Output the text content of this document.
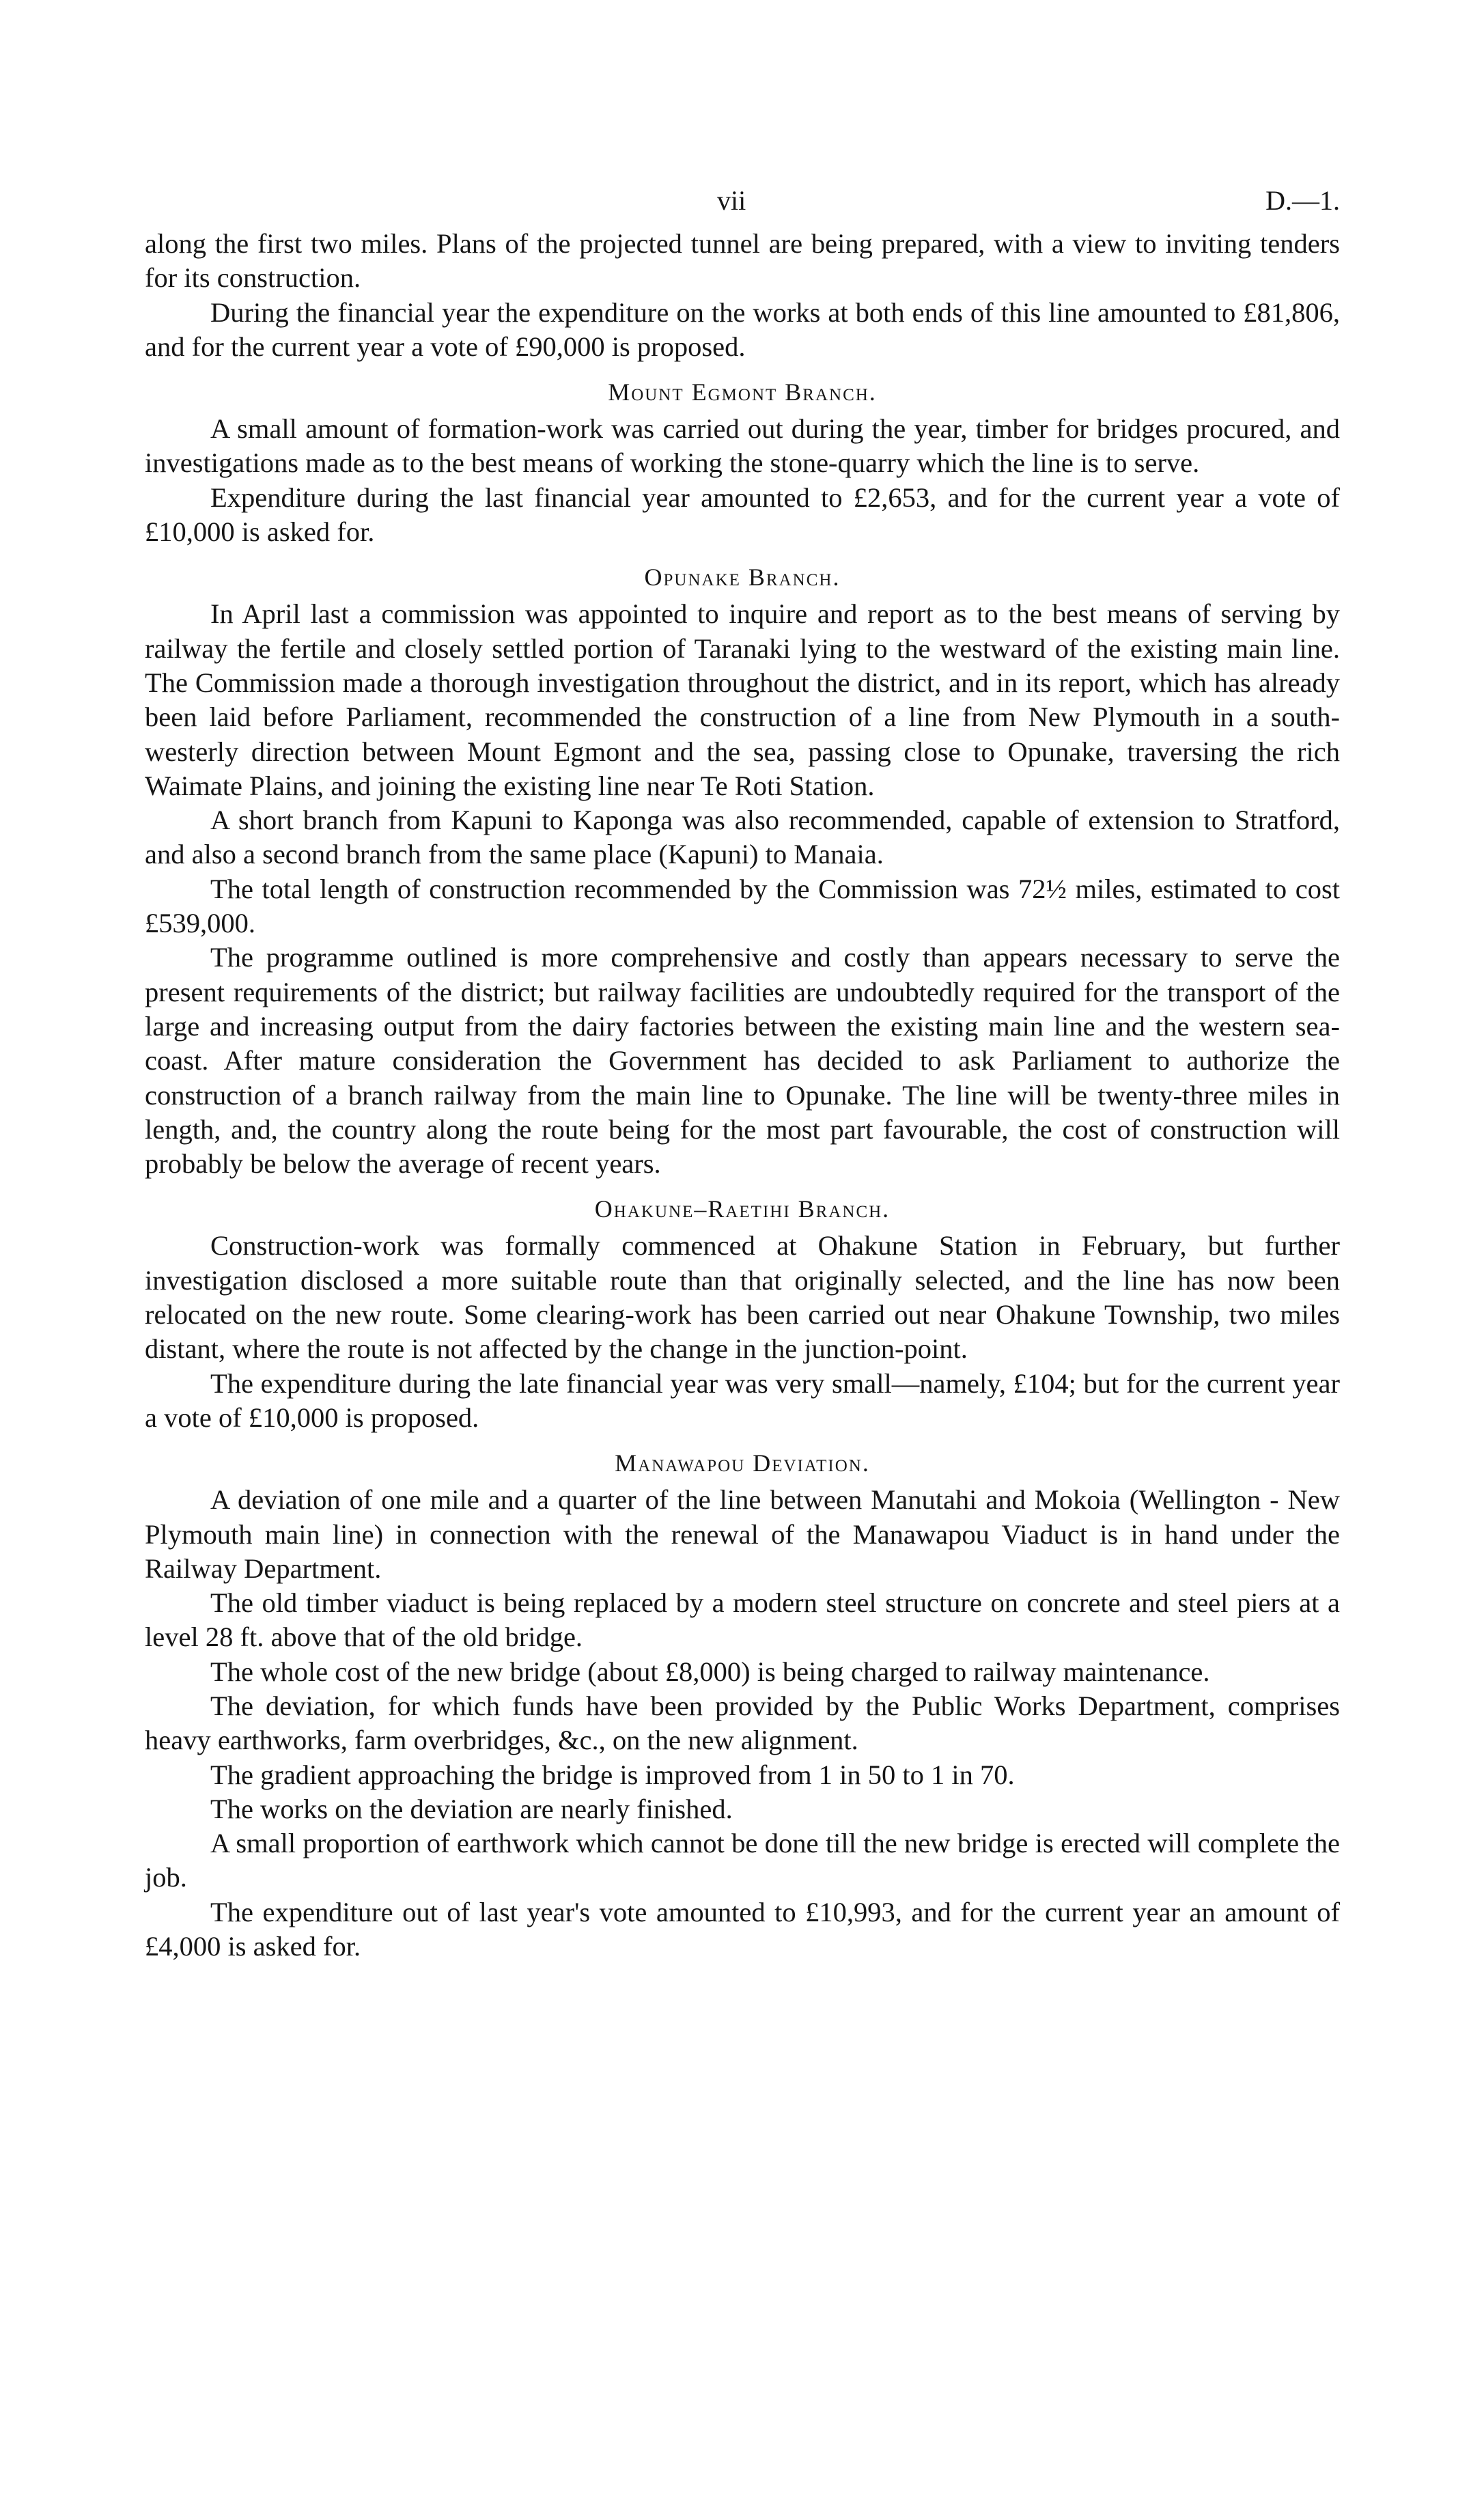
vii	D.—1.

along the first two miles. Plans of the projected tunnel are being prepared, with a view to inviting tenders for its construction.

During the financial year the expenditure on the works at both ends of this line amounted to £81,806, and for the current year a vote of £90,000 is proposed.

Mount Egmont Branch.

A small amount of formation-work was carried out during the year, timber for bridges procured, and investigations made as to the best means of working the stone-quarry which the line is to serve.

Expenditure during the last financial year amounted to £2,653, and for the current year a vote of £10,000 is asked for.

Opunake Branch.

In April last a commission was appointed to inquire and report as to the best means of serving by railway the fertile and closely settled portion of Taranaki lying to the westward of the existing main line. The Commission made a thorough investigation throughout the district, and in its report, which has already been laid before Parliament, recommended the construction of a line from New Plymouth in a south-westerly direction between Mount Egmont and the sea, passing close to Opunake, traversing the rich Waimate Plains, and joining the existing line near Te Roti Station.

A short branch from Kapuni to Kaponga was also recommended, capable of extension to Stratford, and also a second branch from the same place (Kapuni) to Manaia.

The total length of construction recommended by the Commission was 72½ miles, estimated to cost £539,000.

The programme outlined is more comprehensive and costly than appears necessary to serve the present requirements of the district; but railway facilities are undoubtedly required for the transport of the large and increasing output from the dairy factories between the existing main line and the western sea-coast. After mature consideration the Government has decided to ask Parliament to authorize the construction of a branch railway from the main line to Opunake. The line will be twenty-three miles in length, and, the country along the route being for the most part favourable, the cost of construction will probably be below the average of recent years.

Ohakune–Raetihi Branch.

Construction-work was formally commenced at Ohakune Station in February, but further investigation disclosed a more suitable route than that originally selected, and the line has now been relocated on the new route. Some clearing-work has been carried out near Ohakune Township, two miles distant, where the route is not affected by the change in the junction-point.

The expenditure during the late financial year was very small—namely, £104; but for the current year a vote of £10,000 is proposed.

Manawapou Deviation.

A deviation of one mile and a quarter of the line between Manutahi and Mokoia (Wellington - New Plymouth main line) in connection with the renewal of the Manawapou Viaduct is in hand under the Railway Department.

The old timber viaduct is being replaced by a modern steel structure on concrete and steel piers at a level 28 ft. above that of the old bridge.

The whole cost of the new bridge (about £8,000) is being charged to railway maintenance.

The deviation, for which funds have been provided by the Public Works Department, comprises heavy earthworks, farm overbridges, &c., on the new alignment.

The gradient approaching the bridge is improved from 1 in 50 to 1 in 70.

The works on the deviation are nearly finished.

A small proportion of earthwork which cannot be done till the new bridge is erected will complete the job.

The expenditure out of last year's vote amounted to £10,993, and for the current year an amount of £4,000 is asked for.
